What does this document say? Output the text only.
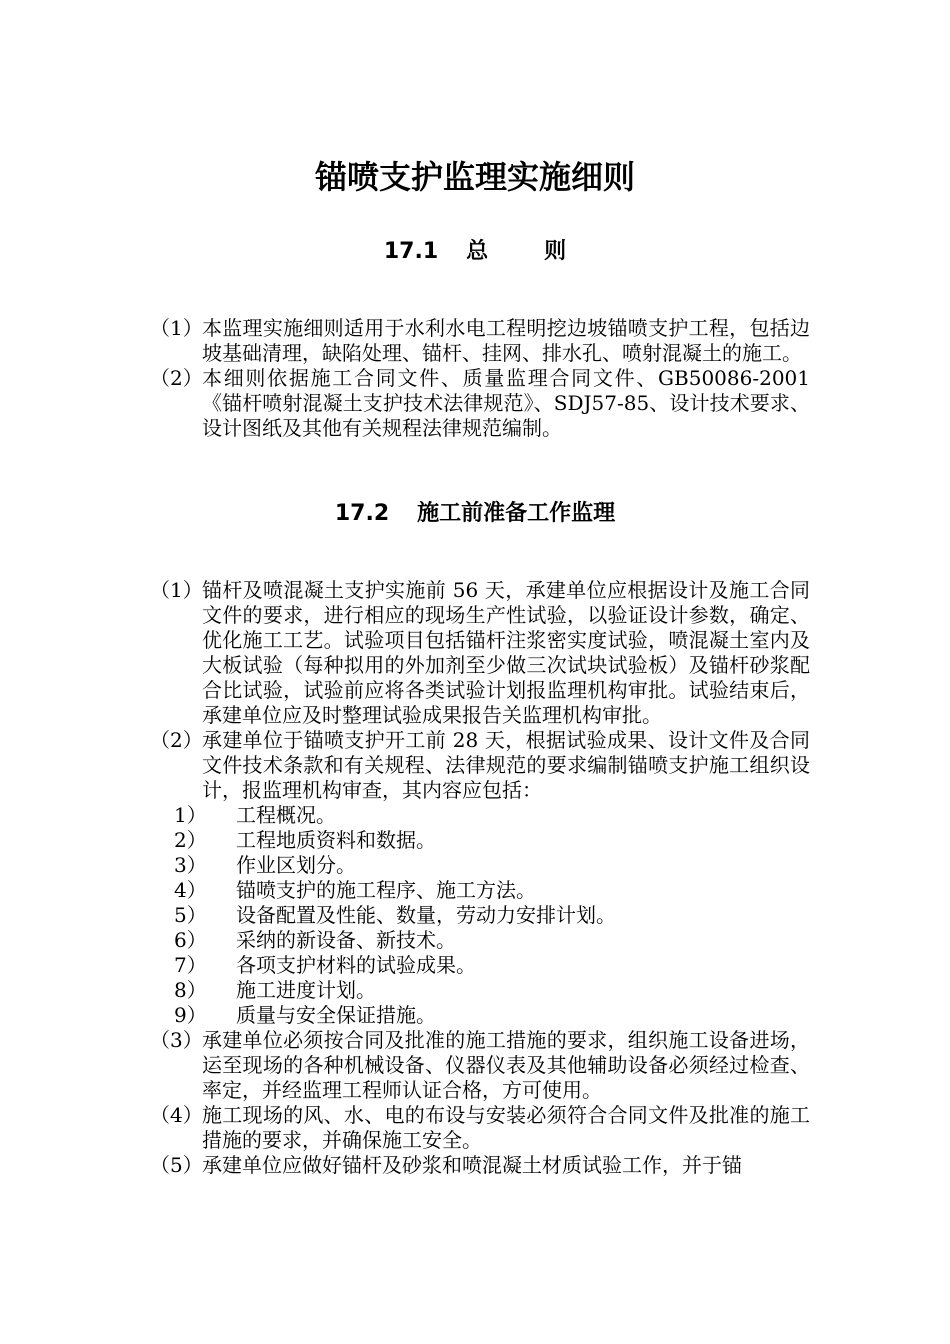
锚喷支护监理实施细则
17.1 总	则
（1） 本监理实施细则适用于水利水电工程明挖边坡锚喷支护工程，包括边坡基础清理，缺陷处理、锚杆、挂网、排水孔、喷射混凝土的施工。
（2） 本细则依据施工合同文件、质量监理合同文件、GB50086-2001《锚杆喷射混凝土支护技术法律规范》、SDJ57-85、设计技术要求、设计图纸及其他有关规程法律规范编制。
17.2 施工前准备工作监理
（1） 锚杆及喷混凝土支护实施前 56 天，承建单位应根据设计及施工合同文件的要求，进行相应的现场生产性试验，以验证设计参数，确定、优化施工工艺。试验项目包括锚杆注浆密实度试验，喷混凝土室内及大板试验（每种拟用的外加剂至少做三次试块试验板）及锚杆砂浆配合比试验，试验前应将各类试验计划报监理机构审批。试验结束后，承建单位应及时整理试验成果报告关监理机构审批。
（2） 承建单位于锚喷支护开工前 28 天，根据试验成果、设计文件及合同文件技术条款和有关规程、法律规范的要求编制锚喷支护施工组织设计，报监理机构审查，其内容应包括：
1）	工程概况。
2）	工程地质资料和数据。
3）	作业区划分。
4）	锚喷支护的施工程序、施工方法。
5）	设备配置及性能、数量，劳动力安排计划。
6）	采纳的新设备、新技术。
7）	各项支护材料的试验成果。
8）	施工进度计划。
9）	质量与安全保证措施。
（3） 承建单位必须按合同及批准的施工措施的要求，组织施工设备进场，运至现场的各种机械设备、仪器仪表及其他辅助设备必须经过检查、率定，并经监理工程师认证合格，方可使用。
（4） 施工现场的风、水、电的布设与安装必须符合合同文件及批准的施工措施的要求，并确保施工安全。
（5） 承建单位应做好锚杆及砂浆和喷混凝土材质试验工作，并于锚
